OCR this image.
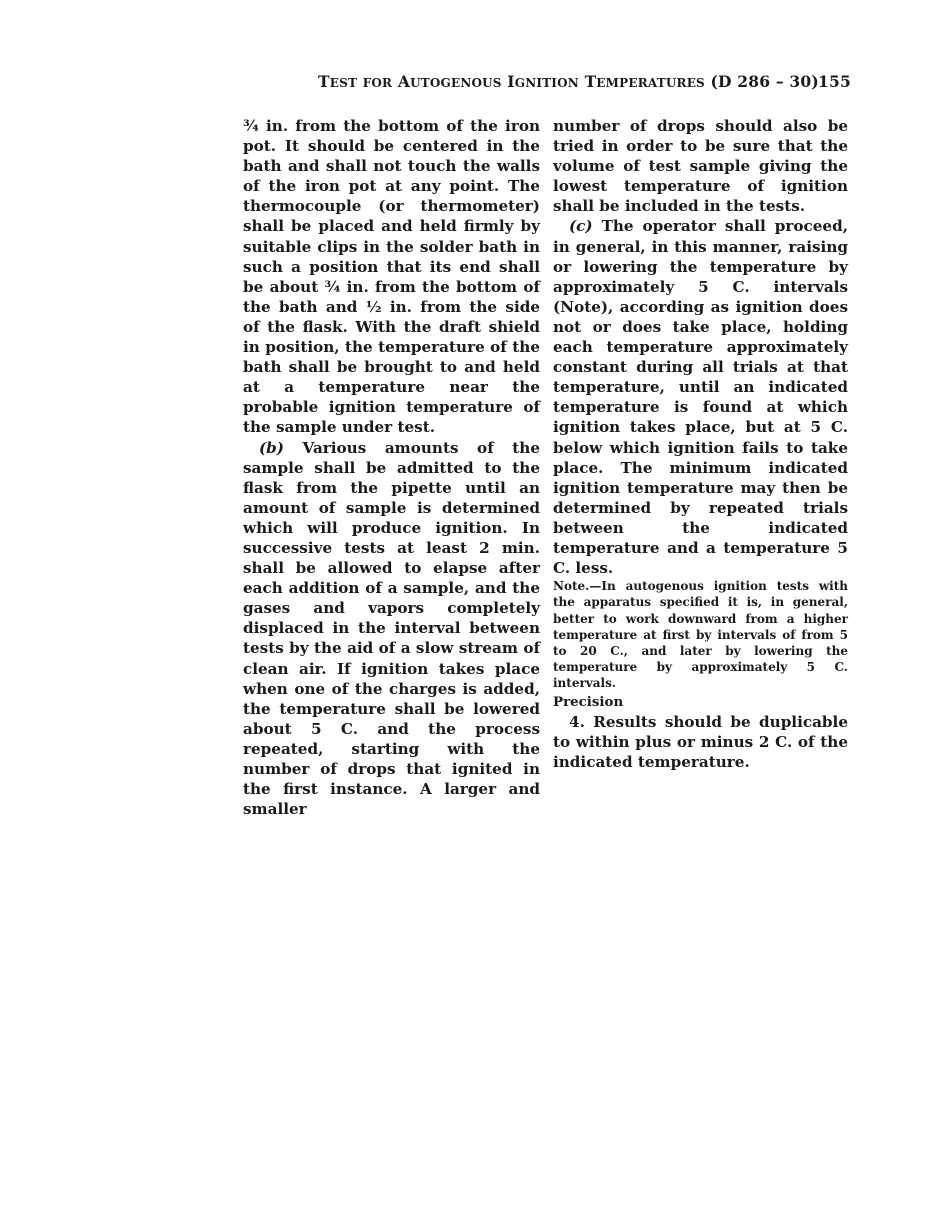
TEST FOR AUTOGENOUS IGNITION TEMPERATURES (D 286 – 30) 155

¾ in. from the bottom of the iron pot. It should be centered in the bath and shall not touch the walls of the iron pot at any point. The thermocouple (or thermometer) shall be placed and held firmly by suitable clips in the solder bath in such a position that its end shall be about ¾ in. from the bottom of the bath and ½ in. from the side of the flask. With the draft shield in position, the temperature of the bath shall be brought to and held at a temperature near the probable ignition temperature of the sample under test.

(b) Various amounts of the sample shall be admitted to the flask from the pipette until an amount of sample is determined which will produce ignition. In successive tests at least 2 min. shall be allowed to elapse after each addition of a sample, and the gases and vapors completely displaced in the interval between tests by the aid of a slow stream of clean air. If ignition takes place when one of the charges is added, the temperature shall be lowered about 5 C. and the process repeated, starting with the number of drops that ignited in the first instance. A larger and smaller

number of drops should also be tried in order to be sure that the volume of test sample giving the lowest temperature of ignition shall be included in the tests.

(c) The operator shall proceed, in general, in this manner, raising or lowering the temperature by approximately 5 C. intervals (Note), according as ignition does not or does take place, holding each temperature approximately constant during all trials at that temperature, until an indicated temperature is found at which ignition takes place, but at 5 C. below which ignition fails to take place. The minimum indicated ignition temperature may then be determined by repeated trials between the indicated temperature and a temperature 5 C. less.

Note.—In autogenous ignition tests with the apparatus specified it is, in general, better to work downward from a higher temperature at first by intervals of from 5 to 20 C., and later by lowering the temperature by approximately 5 C. intervals.

Precision

4. Results should be duplicable to within plus or minus 2 C. of the indicated temperature.
